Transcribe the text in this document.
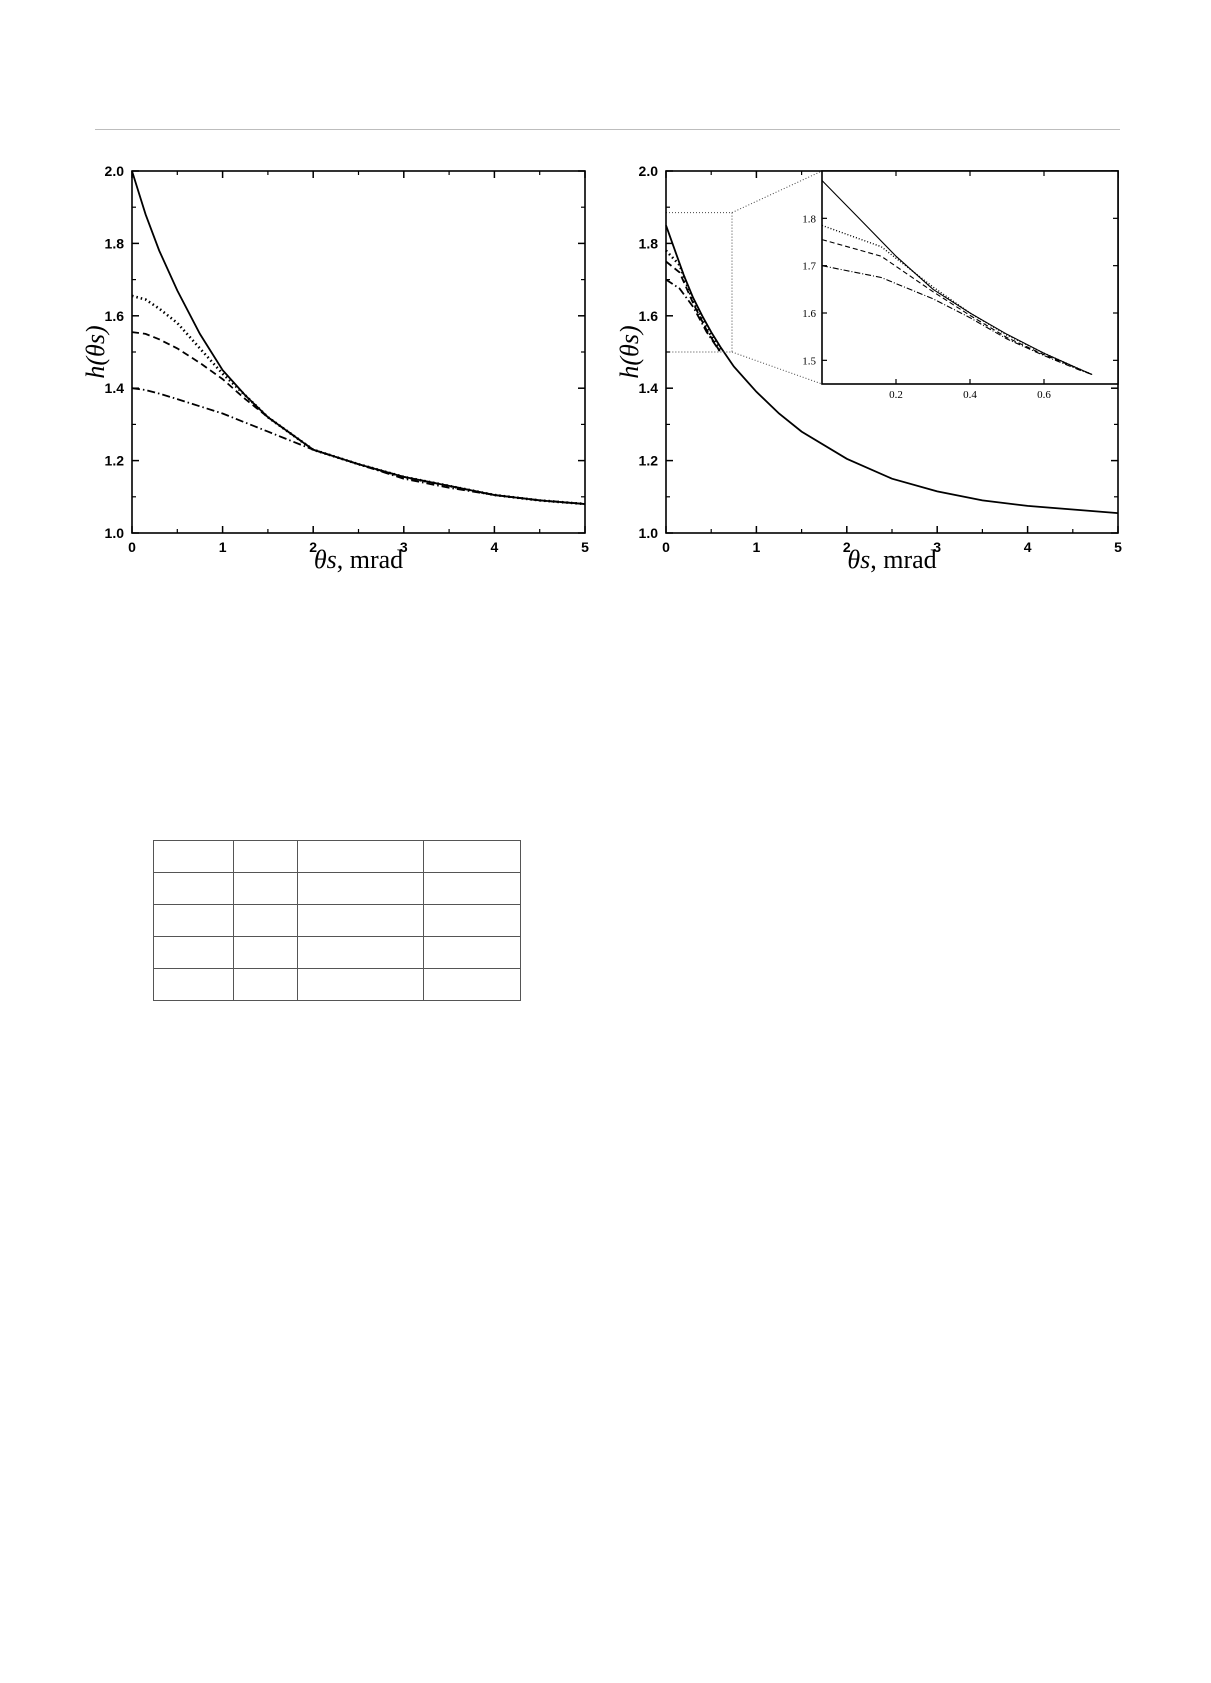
0	1	2	3	4	5
1.0
1.2
1.4
1.6
1.8
2.0
θs, mrad
h(θs)
0	1	2	3	4	5
1.0
1.2
1.4
1.6
1.8
2.0
θs, mrad
h(θs)
0.2	0.4	0.6
1.5
1.6
1.7
1.8
